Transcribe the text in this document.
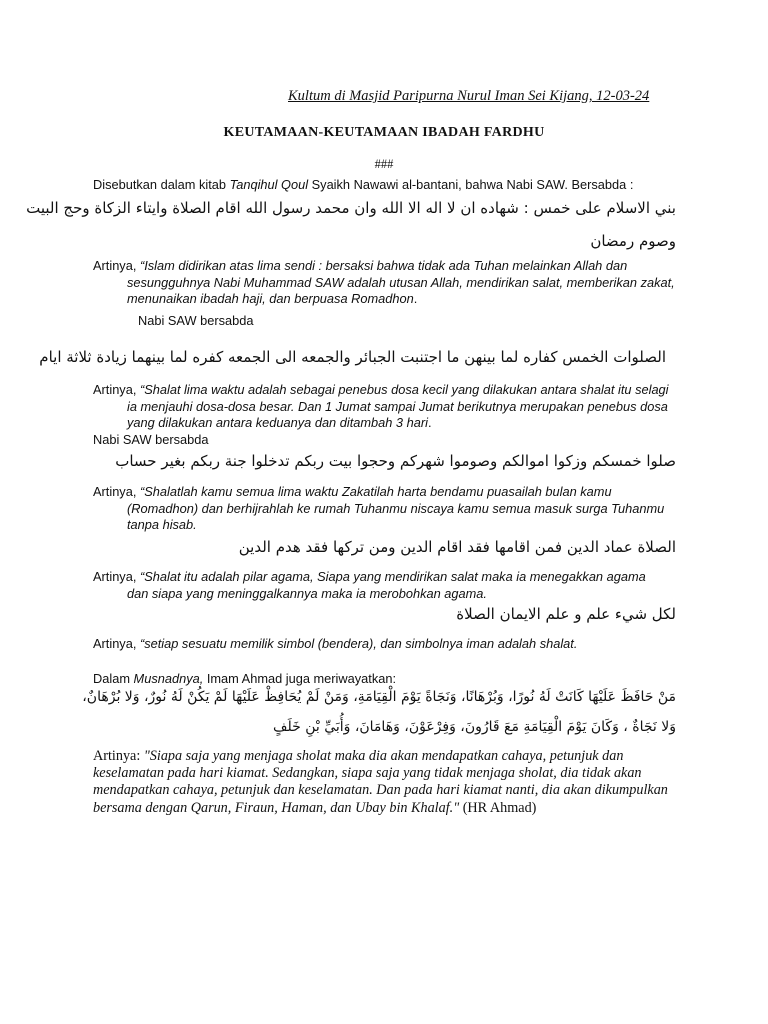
Kultum di Masjid Paripurna Nurul Iman Sei Kijang, 12-03-24
KEUTAMAAN-KEUTAMAAN IBADAH FARDHU
###
Disebutkan dalam kitab Tanqihul Qoul Syaikh Nawawi al-bantani, bahwa Nabi SAW. Bersabda :
بني الاسلام على خمس : شهاده ان لا اله الا الله وان محمد رسول الله اقام الصلاة وايتاء الزكاة وحج البيت
وصوم رمضان
Artinya, “Islam didirikan atas lima sendi : bersaksi bahwa tidak ada Tuhan melainkan Allah dan
sesungguhnya Nabi Muhammad SAW adalah utusan Allah, mendirikan salat, memberikan zakat, menunaikan ibadah haji, dan berpuasa Romadhon.
Nabi SAW bersabda
الصلوات الخمس كفاره لما بينهن ما اجتنبت الجبائر والجمعه الى الجمعه كفره لما بينهما زيادة ثلاثة ايام
Artinya, “Shalat lima waktu adalah sebagai penebus dosa kecil yang dilakukan antara shalat itu selagi
ia menjauhi dosa-dosa besar. Dan 1 Jumat sampai Jumat berikutnya merupakan penebus dosa yang dilakukan antara keduanya dan ditambah 3 hari.
Nabi SAW bersabda
صلوا خمسكم وزكوا اموالكم وصوموا شهركم وحجوا بيت ربكم تدخلوا جنة ربكم بغير حساب
Artinya, “Shalatlah kamu semua lima waktu Zakatilah harta bendamu puasailah bulan kamu
(Romadhon) dan berhijrahlah ke rumah Tuhanmu niscaya kamu semua masuk surga Tuhanmu tanpa hisab.
الصلاة عماد الدين فمن اقامها فقد اقام الدين ومن تركها فقد هدم الدين
Artinya, “Shalat itu adalah pilar agama, Siapa yang mendirikan salat maka ia menegakkan agama
dan siapa yang meninggalkannya maka ia merobohkan agama.
لكل شيء علم و علم الايمان الصلاة
Artinya, “setiap sesuatu memilik simbol (bendera), dan simbolnya iman adalah shalat.
Dalam Musnadnya, Imam Ahmad juga meriwayatkan:
مَنْ حَافَظَ عَلَيْهَا كَانَتْ لَهُ نُورًا، وَبُرْهَانًا، وَنَجَاةً يَوْمَ الْقِيَامَةِ، وَمَنْ لَمْ يُحَافِظْ عَلَيْهَا لَمْ يَكُنْ لَهُ نُورٌ، وَلا بُرْهَانٌ،
وَلا نَجَاةٌ ، وَكَانَ يَوْمَ الْقِيَامَةِ مَعَ قَارُونَ، وَفِرْعَوْنَ، وَهَامَانَ، وَأُبَيِّ بْنِ خَلَفٍ
Artinya: "Siapa saja yang menjaga sholat maka dia akan mendapatkan cahaya, petunjuk dan keselamatan pada hari kiamat. Sedangkan, siapa saja yang tidak menjaga sholat, dia tidak akan mendapatkan cahaya, petunjuk dan keselamatan. Dan pada hari kiamat nanti, dia akan dikumpulkan bersama dengan Qarun, Firaun, Haman, dan Ubay bin Khalaf." (HR Ahmad)
